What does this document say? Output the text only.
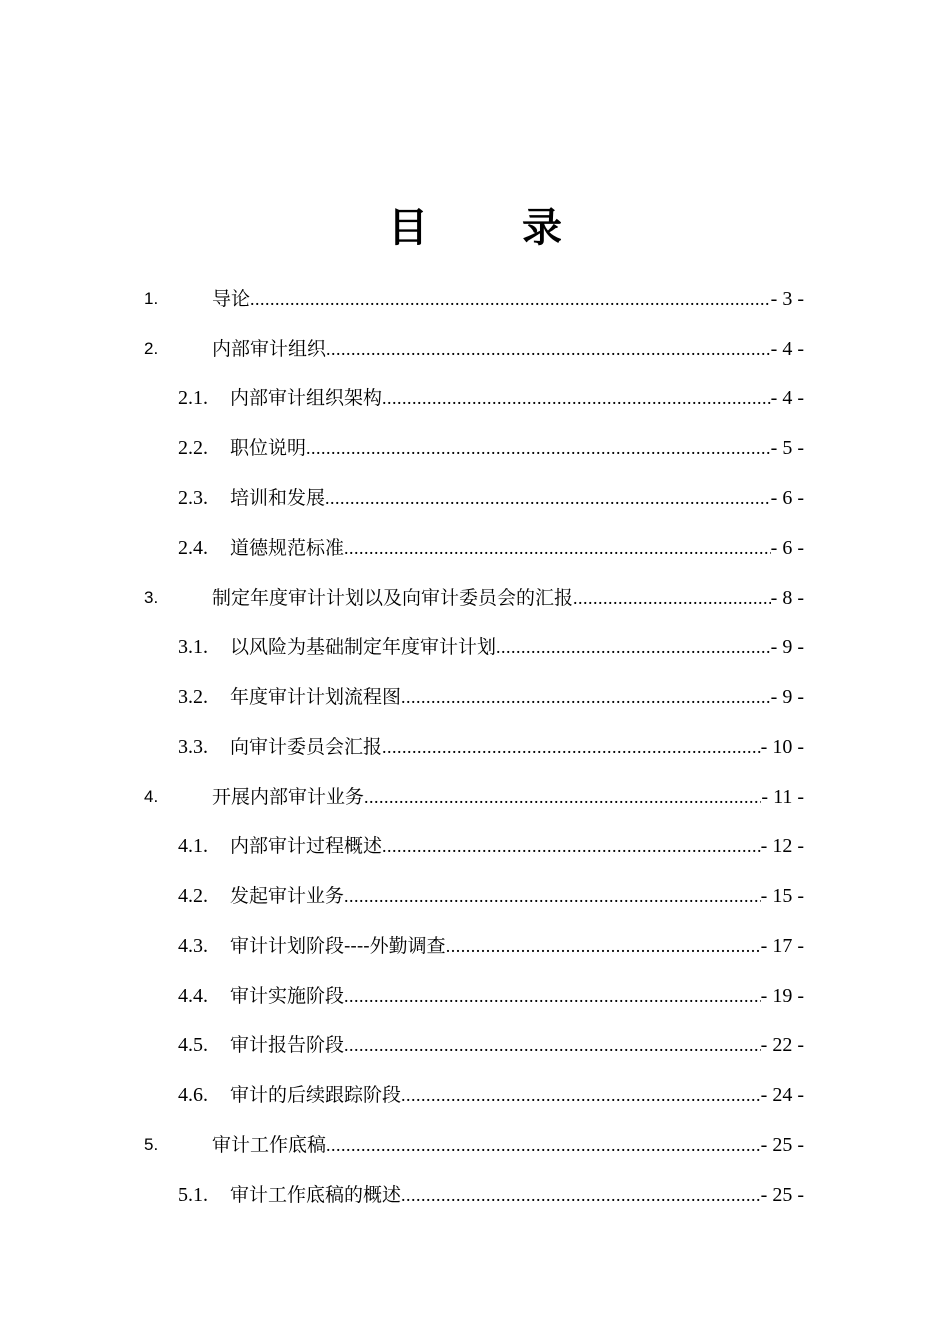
目 录
1.	导论 .....	- 3 -
2.	内部审计组织 .....	- 4 -
2.1. 内部审计组织架构 .....	- 4 -
2.2. 职位说明 .....	- 5 -
2.3. 培训和发展 .....	- 6 -
2.4. 道德规范标准 .....	- 6 -
3.	制定年度审计计划以及向审计委员会的汇报 .....	- 8 -
3.1. 以风险为基础制定年度审计计划 .....	- 9 -
3.2. 年度审计计划流程图 .....	- 9 -
3.3. 向审计委员会汇报 .....	- 10 -
4.	开展内部审计业务 .....	- 11 -
4.1. 内部审计过程概述 .....	- 12 -
4.2. 发起审计业务 .....	- 15 -
4.3. 审计计划阶段----外勤调查 .....	- 17 -
4.4. 审计实施阶段 .....	- 19 -
4.5. 审计报告阶段 .....	- 22 -
4.6. 审计的后续跟踪阶段 .....	- 24 -
5.	审计工作底稿 .....	- 25 -
5.1. 审计工作底稿的概述 .....	- 25 -
